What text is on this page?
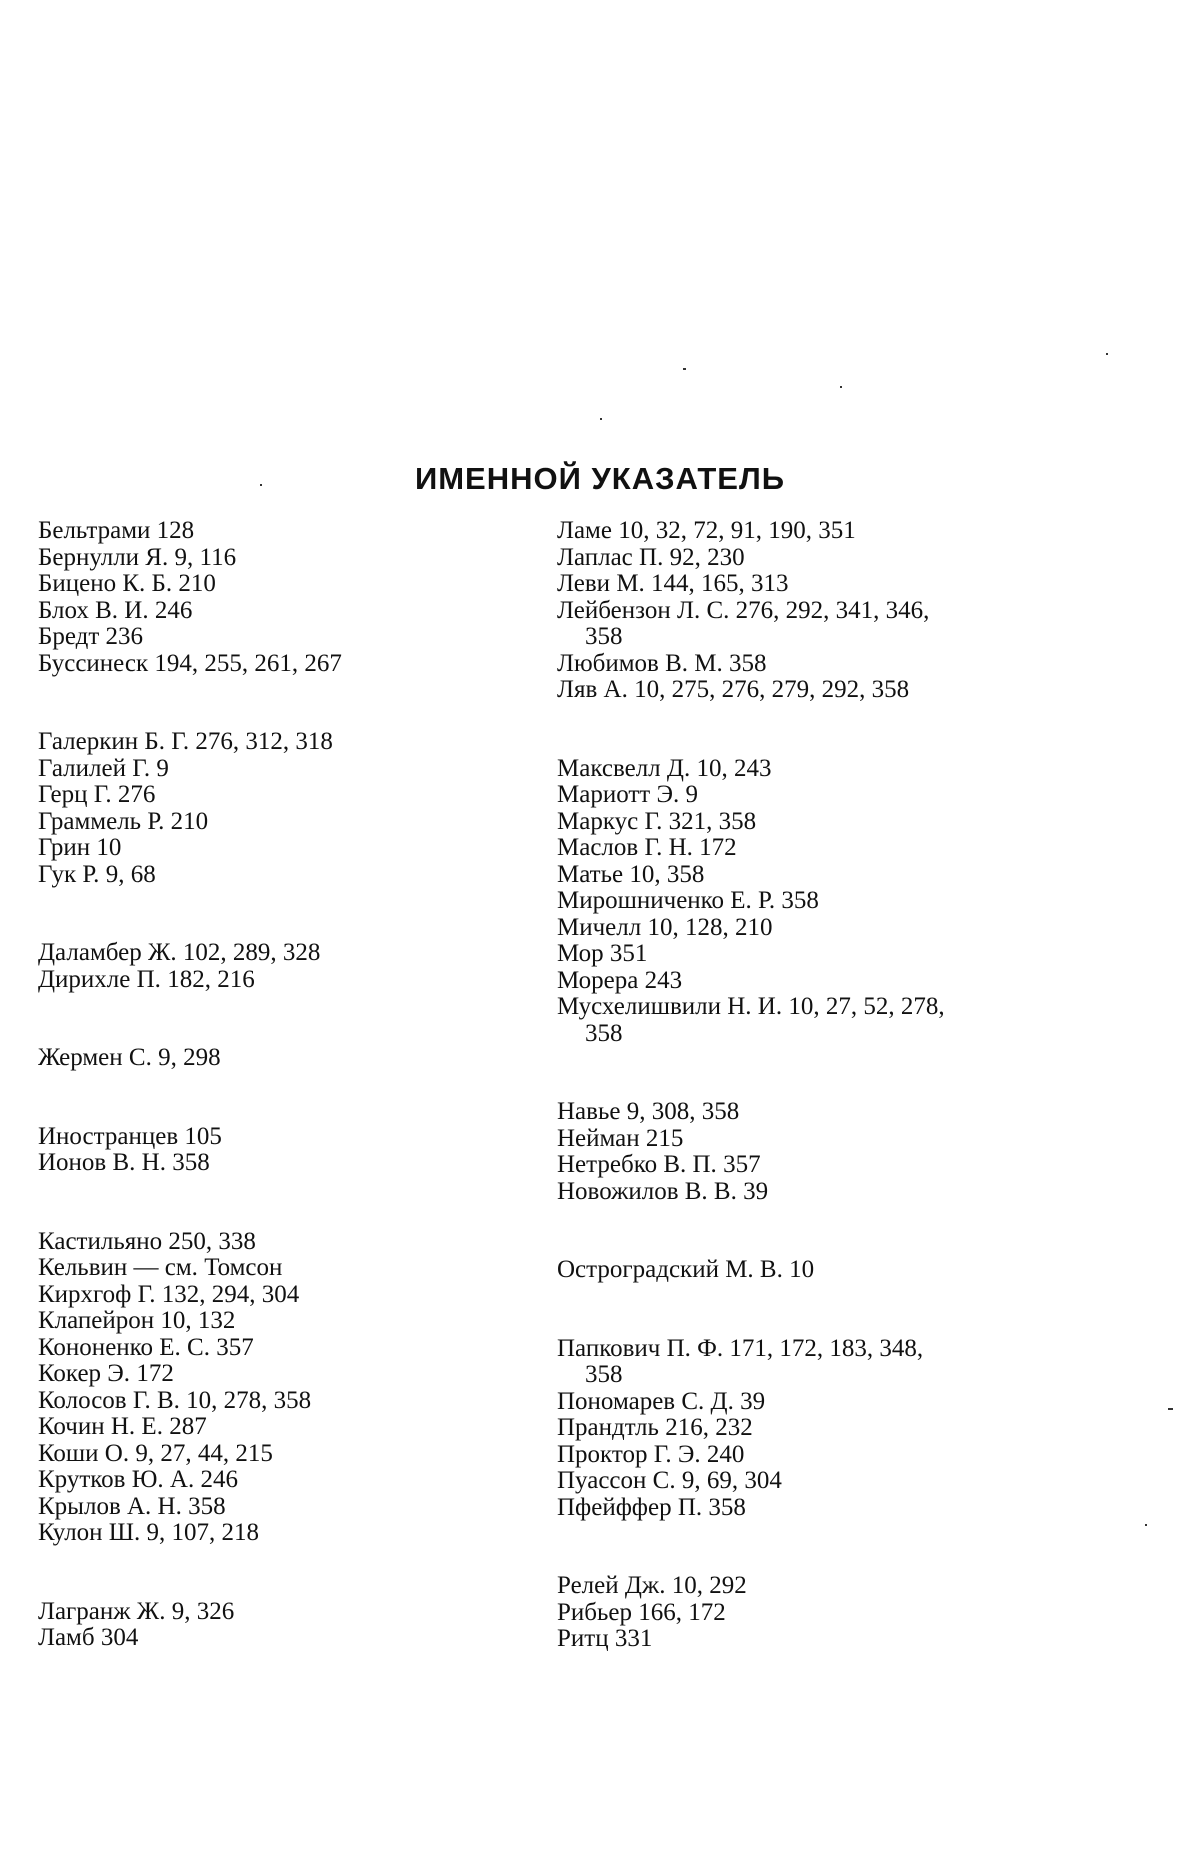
ИМЕННОЙ УКАЗАТЕЛЬ
Бельтрами 128
Бернулли Я. 9, 116
Бицено К. Б. 210
Блох В. И. 246
Бредт 236
Буссинеск 194, 255, 261, 267
Галеркин Б. Г. 276, 312, 318
Галилей Г. 9
Герц Г. 276
Граммель Р. 210
Грин 10
Гук Р. 9, 68
Даламбер Ж. 102, 289, 328
Дирихле П. 182, 216
Жермен С. 9, 298
Иностранцев 105
Ионов В. Н. 358
Кастильяно 250, 338
Кельвин — см. Томсон
Кирхгоф Г. 132, 294, 304
Клапейрон 10, 132
Кононенко Е. С. 357
Кокер Э. 172
Колосов Г. В. 10, 278, 358
Кочин Н. Е. 287
Коши О. 9, 27, 44, 215
Крутков Ю. А. 246
Крылов А. Н. 358
Кулон Ш. 9, 107, 218
Лагранж Ж. 9, 326
Ламб 304
Ламе 10, 32, 72, 91, 190, 351
Лаплас П. 92, 230
Леви М. 144, 165, 313
Лейбензон Л. С. 276, 292, 341, 346,
358
Любимов В. М. 358
Ляв А. 10, 275, 276, 279, 292, 358
Максвелл Д. 10, 243
Мариотт Э. 9
Маркус Г. 321, 358
Маслов Г. Н. 172
Матье 10, 358
Мирошниченко Е. Р. 358
Мичелл 10, 128, 210
Мор 351
Морера 243
Мусхелишвили Н. И. 10, 27, 52, 278,
358
Навье 9, 308, 358
Нейман 215
Нетребко В. П. 357
Новожилов В. В. 39
Остроградский М. В. 10
Папкович П. Ф. 171, 172, 183, 348,
358
Пономарев С. Д. 39
Прандтль 216, 232
Проктор Г. Э. 240
Пуассон С. 9, 69, 304
Пфейффер П. 358
Релей Дж. 10, 292
Рибьер 166, 172
Ритц 331
